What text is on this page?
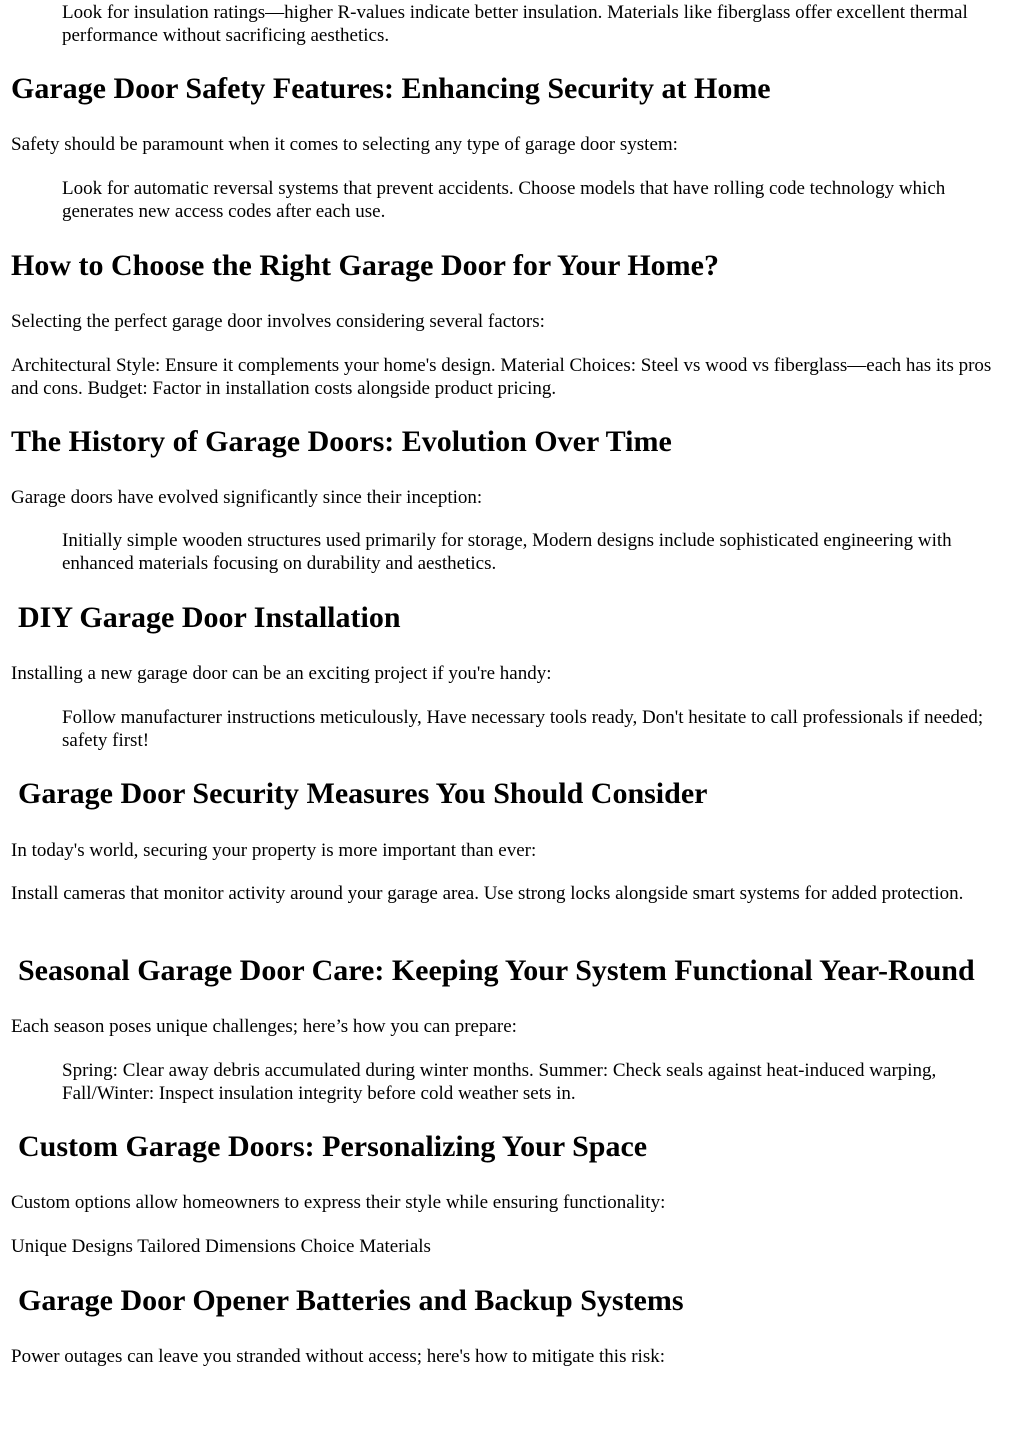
Look for insulation ratings—higher R-values indicate better insulation. Materials like fiberglass offer excellent thermal performance without sacrificing aesthetics.

Garage Door Safety Features: Enhancing Security at Home

Safety should be paramount when it comes to selecting any type of garage door system:

Look for automatic reversal systems that prevent accidents. Choose models that have rolling code technology which generates new access codes after each use.

How to Choose the Right Garage Door for Your Home?

Selecting the perfect garage door involves considering several factors:

Architectural Style: Ensure it complements your home's design. Material Choices: Steel vs wood vs fiberglass—each has its pros and cons. Budget: Factor in installation costs alongside product pricing.

The History of Garage Doors: Evolution Over Time

Garage doors have evolved significantly since their inception:

Initially simple wooden structures used primarily for storage, Modern designs include sophisticated engineering with enhanced materials focusing on durability and aesthetics.

DIY Garage Door Installation

Installing a new garage door can be an exciting project if you're handy:

Follow manufacturer instructions meticulously, Have necessary tools ready, Don't hesitate to call professionals if needed; safety first!

Garage Door Security Measures You Should Consider

In today's world, securing your property is more important than ever:

Install cameras that monitor activity around your garage area. Use strong locks alongside smart systems for added protection.

Seasonal Garage Door Care: Keeping Your System Functional Year-Round

Each season poses unique challenges; here’s how you can prepare:

Spring: Clear away debris accumulated during winter months. Summer: Check seals against heat-induced warping, Fall/Winter: Inspect insulation integrity before cold weather sets in.

Custom Garage Doors: Personalizing Your Space

Custom options allow homeowners to express their style while ensuring functionality:

Unique Designs Tailored Dimensions Choice Materials

Garage Door Opener Batteries and Backup Systems

Power outages can leave you stranded without access; here's how to mitigate this risk:
